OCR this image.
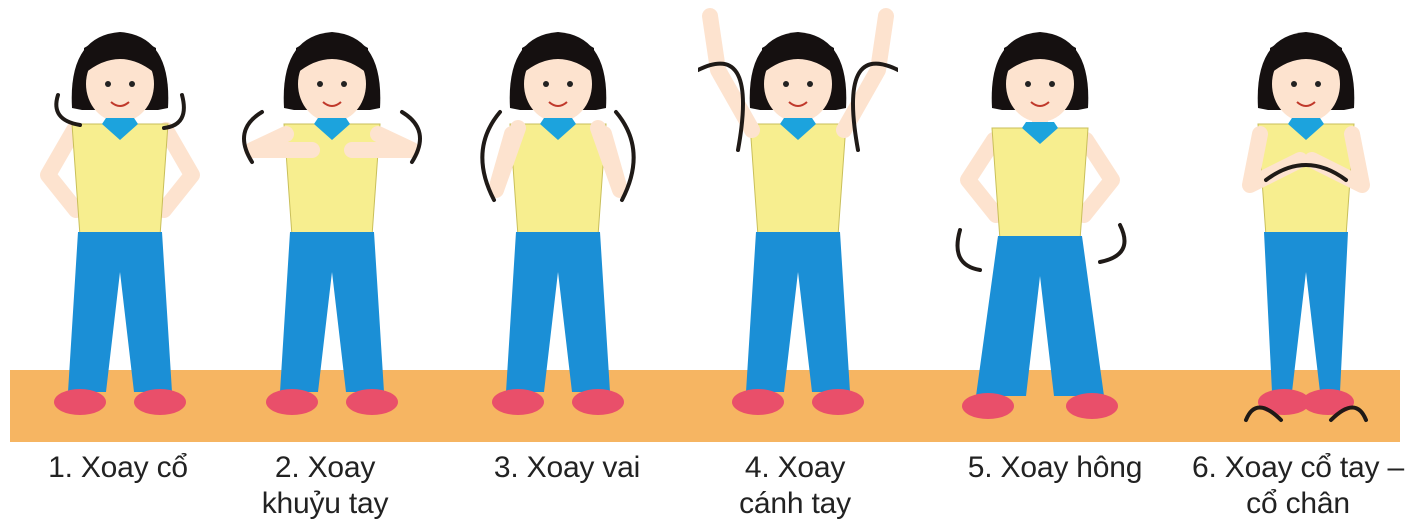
1. Xoay cổ	2. Xoay khuỷu tay
3. Xoay vai	4. Xoay cánh tay
5. Xoay hông	6. Xoay cổ tay – cổ chân
